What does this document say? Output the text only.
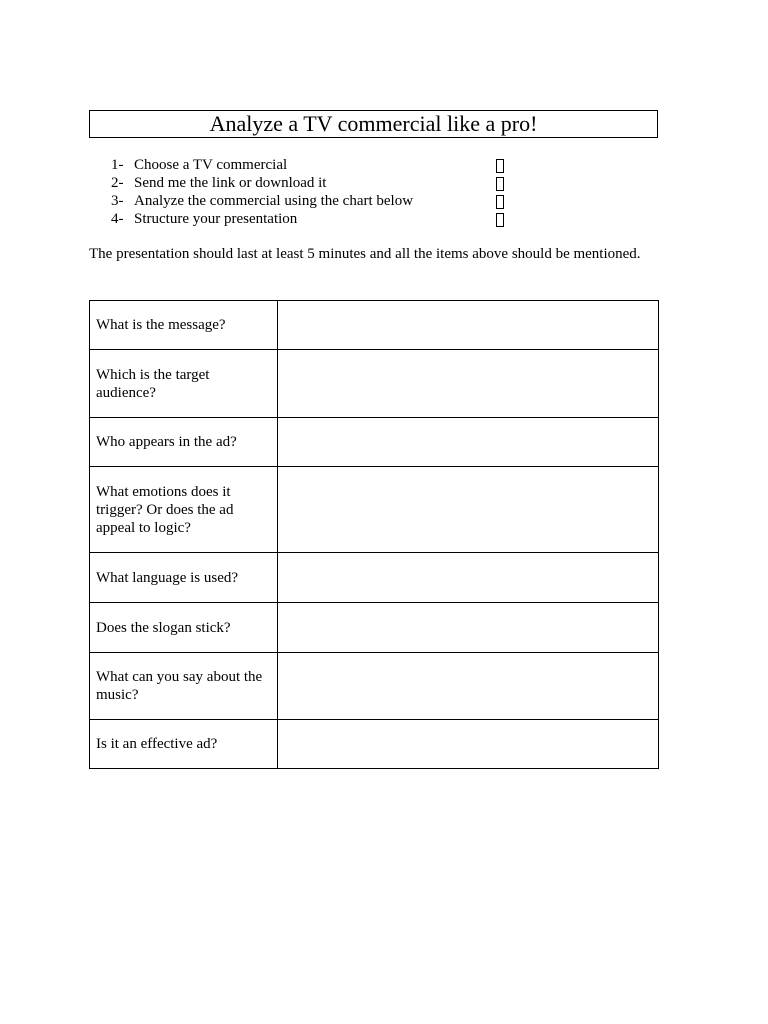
Analyze a TV commercial like a pro!
1- Choose a TV commercial
2- Send me the link or download it
3- Analyze the commercial using the chart below
4- Structure your presentation
The presentation should last at least 5 minutes and all the items above should be mentioned.
What is the message?	
Which is the target audience?	
Who appears in the ad?	
What emotions does it trigger? Or does the ad appeal to logic?	
What language is used?	
Does the slogan stick?	
What can you say about the music?	
Is it an effective ad?	
